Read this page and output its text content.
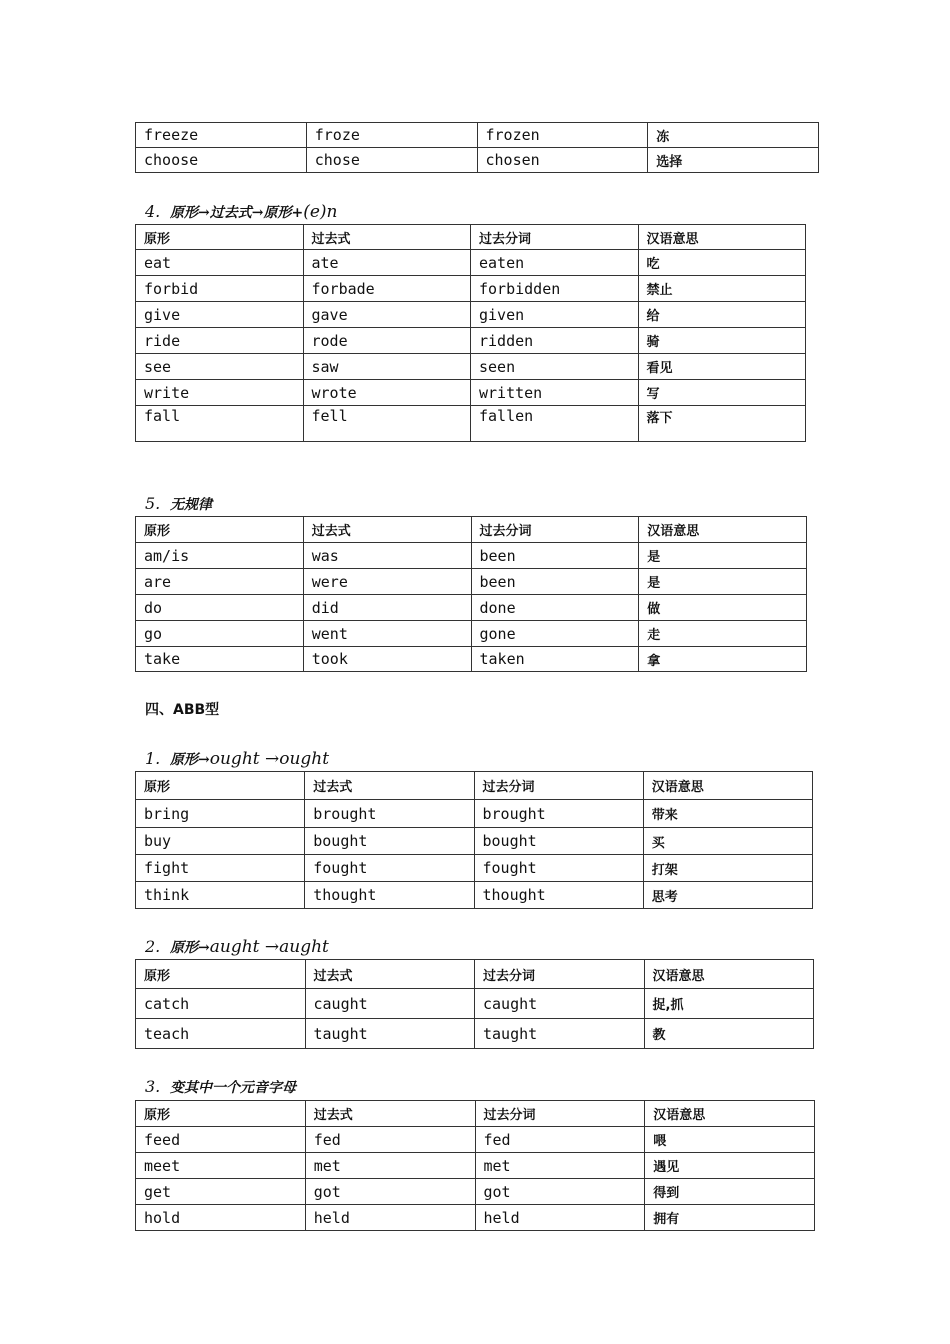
freeze	froze	frozen	冻
choose	chose	chosen	选择

4. 原形→过去式→原形+(e)n

原形	过去式	过去分词	汉语意思
eat	ate	eaten	吃
forbid	forbade	forbidden	禁止
give	gave	given	给
ride	rode	ridden	骑
see	saw	seen	看见
write	wrote	written	写
fall	fell	fallen	落下

5. 无规律

原形	过去式	过去分词	汉语意思
am/is	was	been	是
are	were	been	是
do	did	done	做
go	went	gone	走
take	took	taken	拿

四、ABB型

1. 原形→ought →ought

原形	过去式	过去分词	汉语意思
bring	brought	brought	带来
buy	bought	bought	买
fight	fought	fought	打架
think	thought	thought	思考

2. 原形→aught →aught

原形	过去式	过去分词	汉语意思
catch	caught	caught	捉,抓
teach	taught	taught	教

3. 变其中一个元音字母

原形	过去式	过去分词	汉语意思
feed	fed	fed	喂
meet	met	met	遇见
get	got	got	得到
hold	held	held	拥有
